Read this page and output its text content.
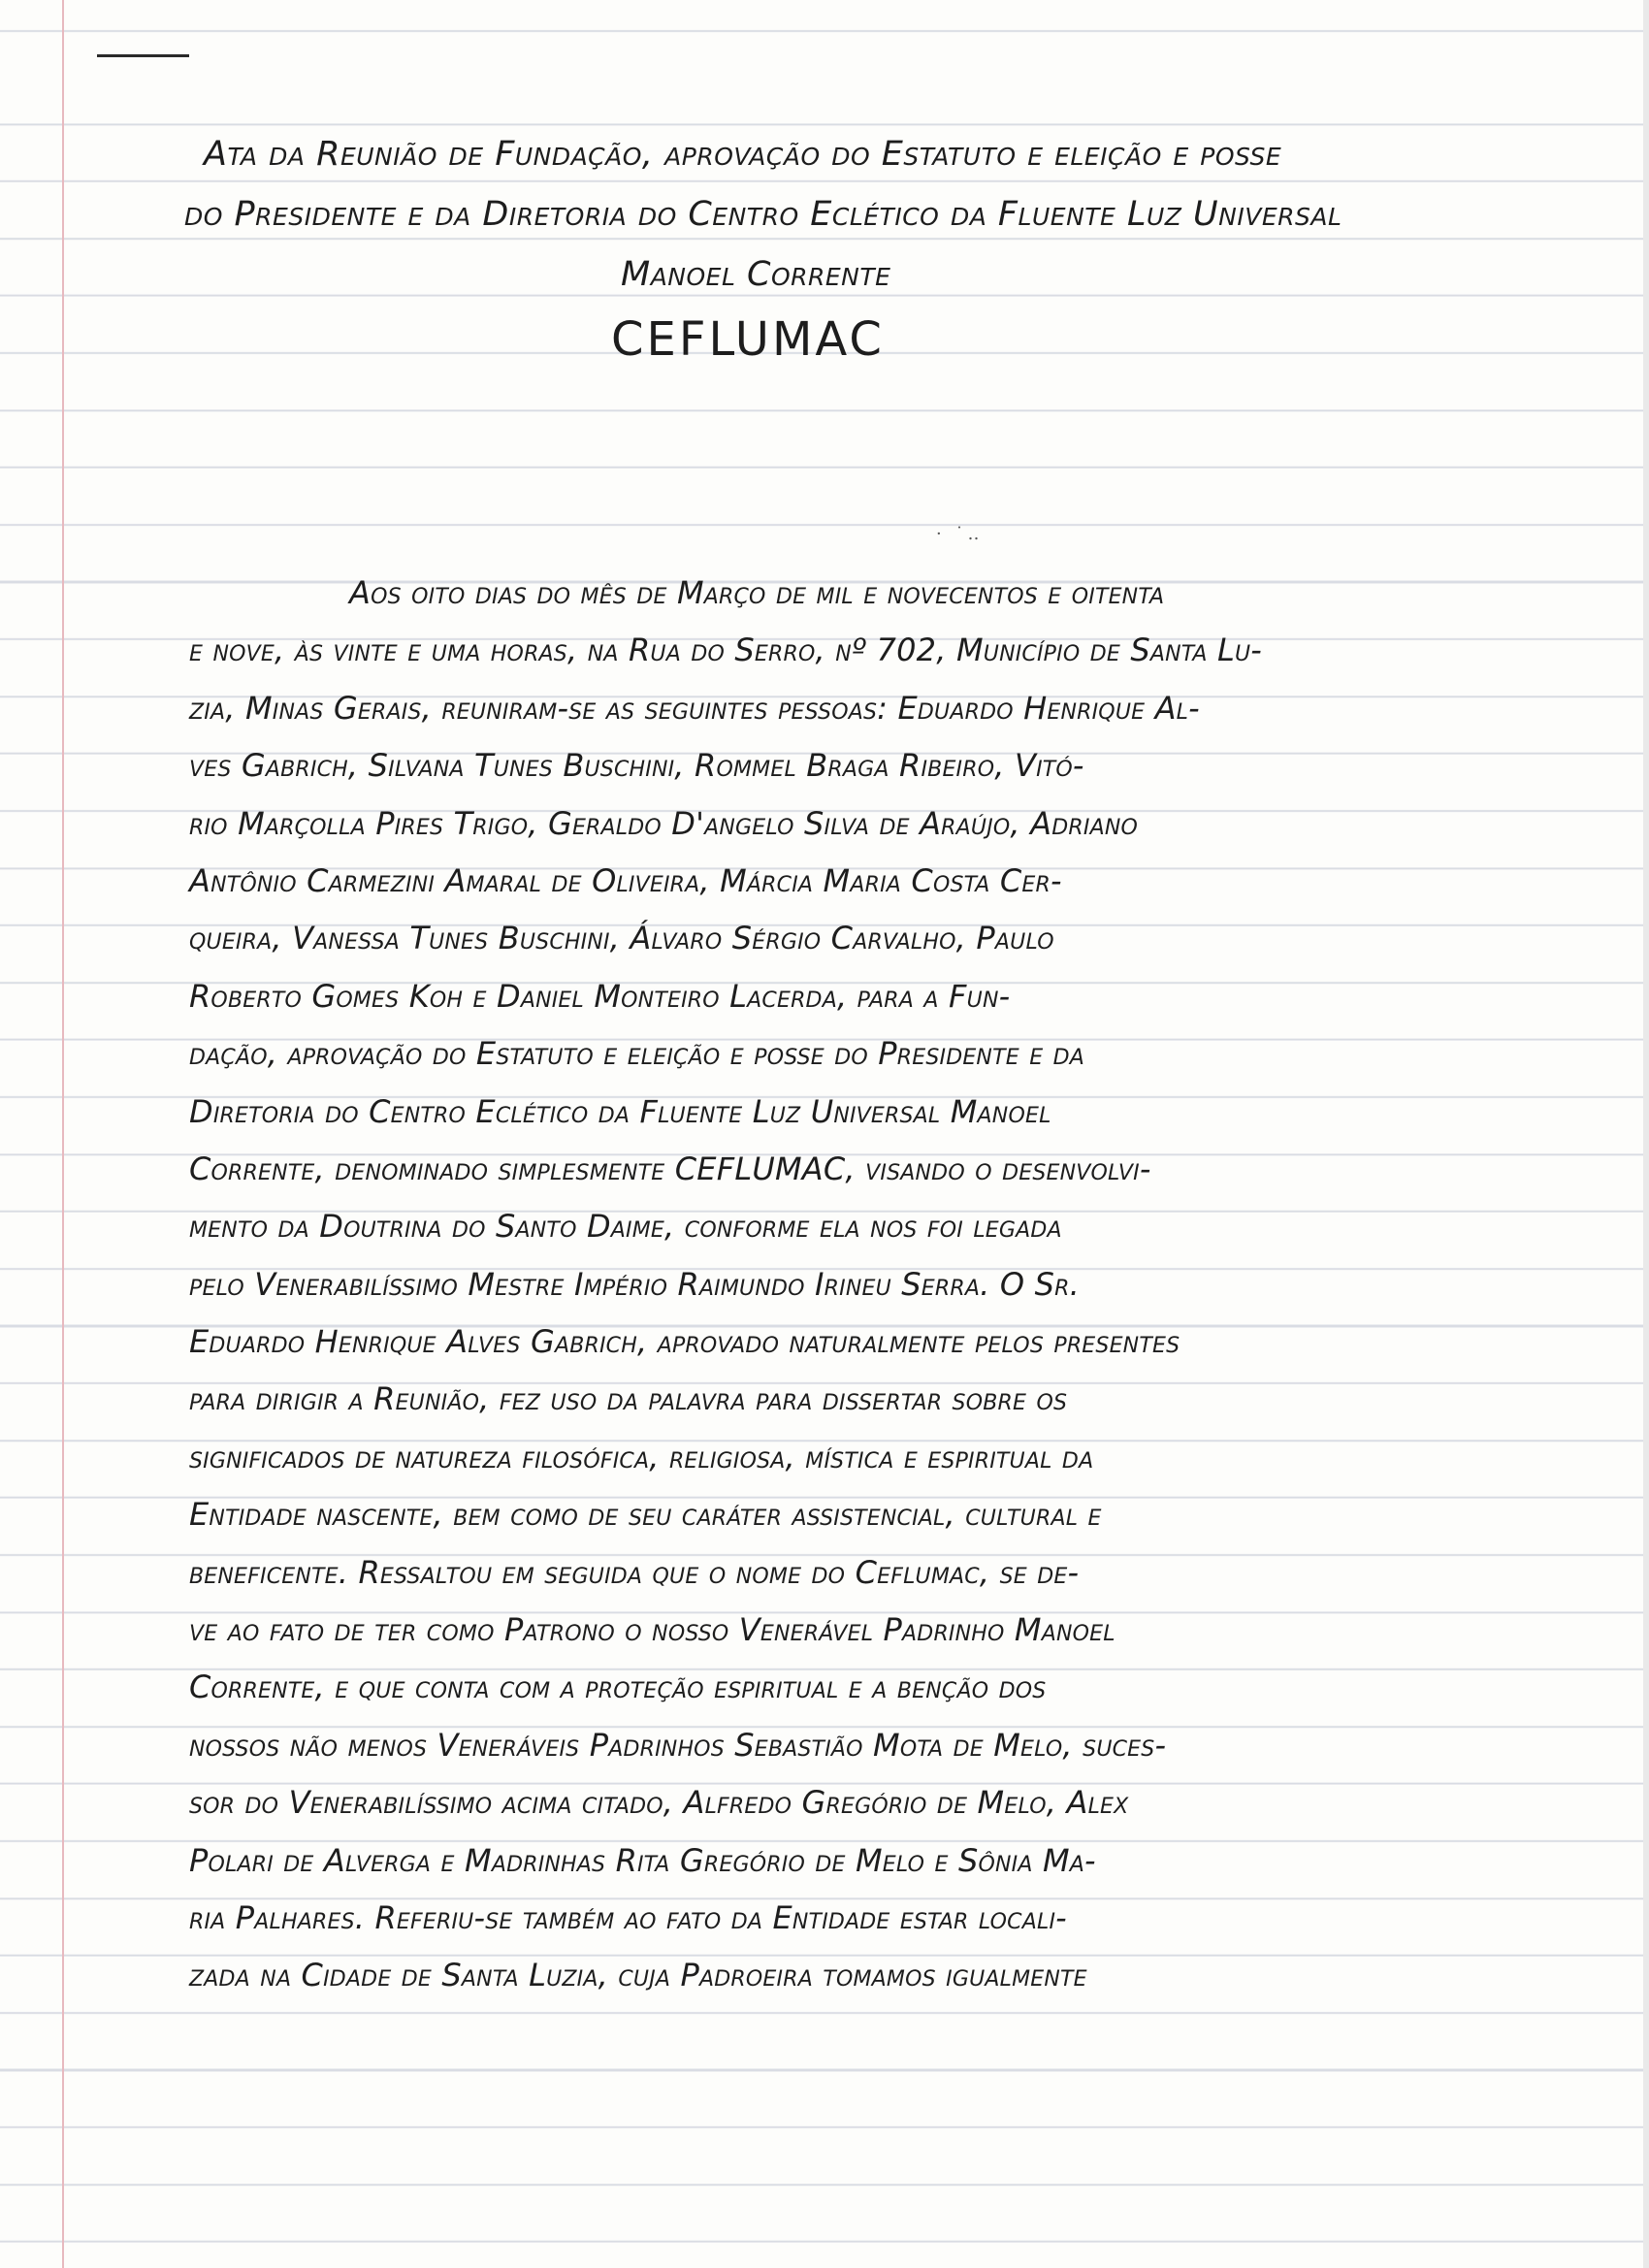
· ˙‥
Ata da Reunião de Fundação, aprovação do Estatuto e eleição e posse
do Presidente e da Diretoria do Centro Eclético da Fluente Luz Universal
Manoel Corrente
CEFLUMAC
Aos oito dias do mês de Março de mil e novecentos e oitenta
e nove, às vinte e uma horas, na Rua do Serro, nº 702, Município de Santa Lu-
zia, Minas Gerais, reuniram-se as seguintes pessoas: Eduardo Henrique Al-
ves Gabrich, Silvana Tunes Buschini, Rommel Braga Ribeiro, Vitó-
rio Marçolla Pires Trigo, Geraldo D'angelo Silva de Araújo, Adriano
Antônio Carmezini Amaral de Oliveira, Márcia Maria Costa Cer-
queira, Vanessa Tunes Buschini, Álvaro Sérgio Carvalho, Paulo
Roberto Gomes Koh e Daniel Monteiro Lacerda, para a Fun-
dação, aprovação do Estatuto e eleição e posse do Presidente e da
Diretoria do Centro Eclético da Fluente Luz Universal Manoel
Corrente, denominado simplesmente CEFLUMAC, visando o desenvolvi-
mento da Doutrina do Santo Daime, conforme ela nos foi legada
pelo Venerabilíssimo Mestre Império Raimundo Irineu Serra. O Sr.
Eduardo Henrique Alves Gabrich, aprovado naturalmente pelos presentes
para dirigir a Reunião, fez uso da palavra para dissertar sobre os
significados de natureza filosófica, religiosa, mística e espiritual da
Entidade nascente, bem como de seu caráter assistencial, cultural e
beneficente. Ressaltou em seguida que o nome do Ceflumac, se de-
ve ao fato de ter como Patrono o nosso Venerável Padrinho Manoel
Corrente, e que conta com a proteção espiritual e a benção dos
nossos não menos Veneráveis Padrinhos Sebastião Mota de Melo, suces-
sor do Venerabilíssimo acima citado, Alfredo Gregório de Melo, Alex
Polari de Alverga e Madrinhas Rita Gregório de Melo e Sônia Ma-
ria Palhares. Referiu-se também ao fato da Entidade estar locali-
zada na Cidade de Santa Luzia, cuja Padroeira tomamos igualmente
